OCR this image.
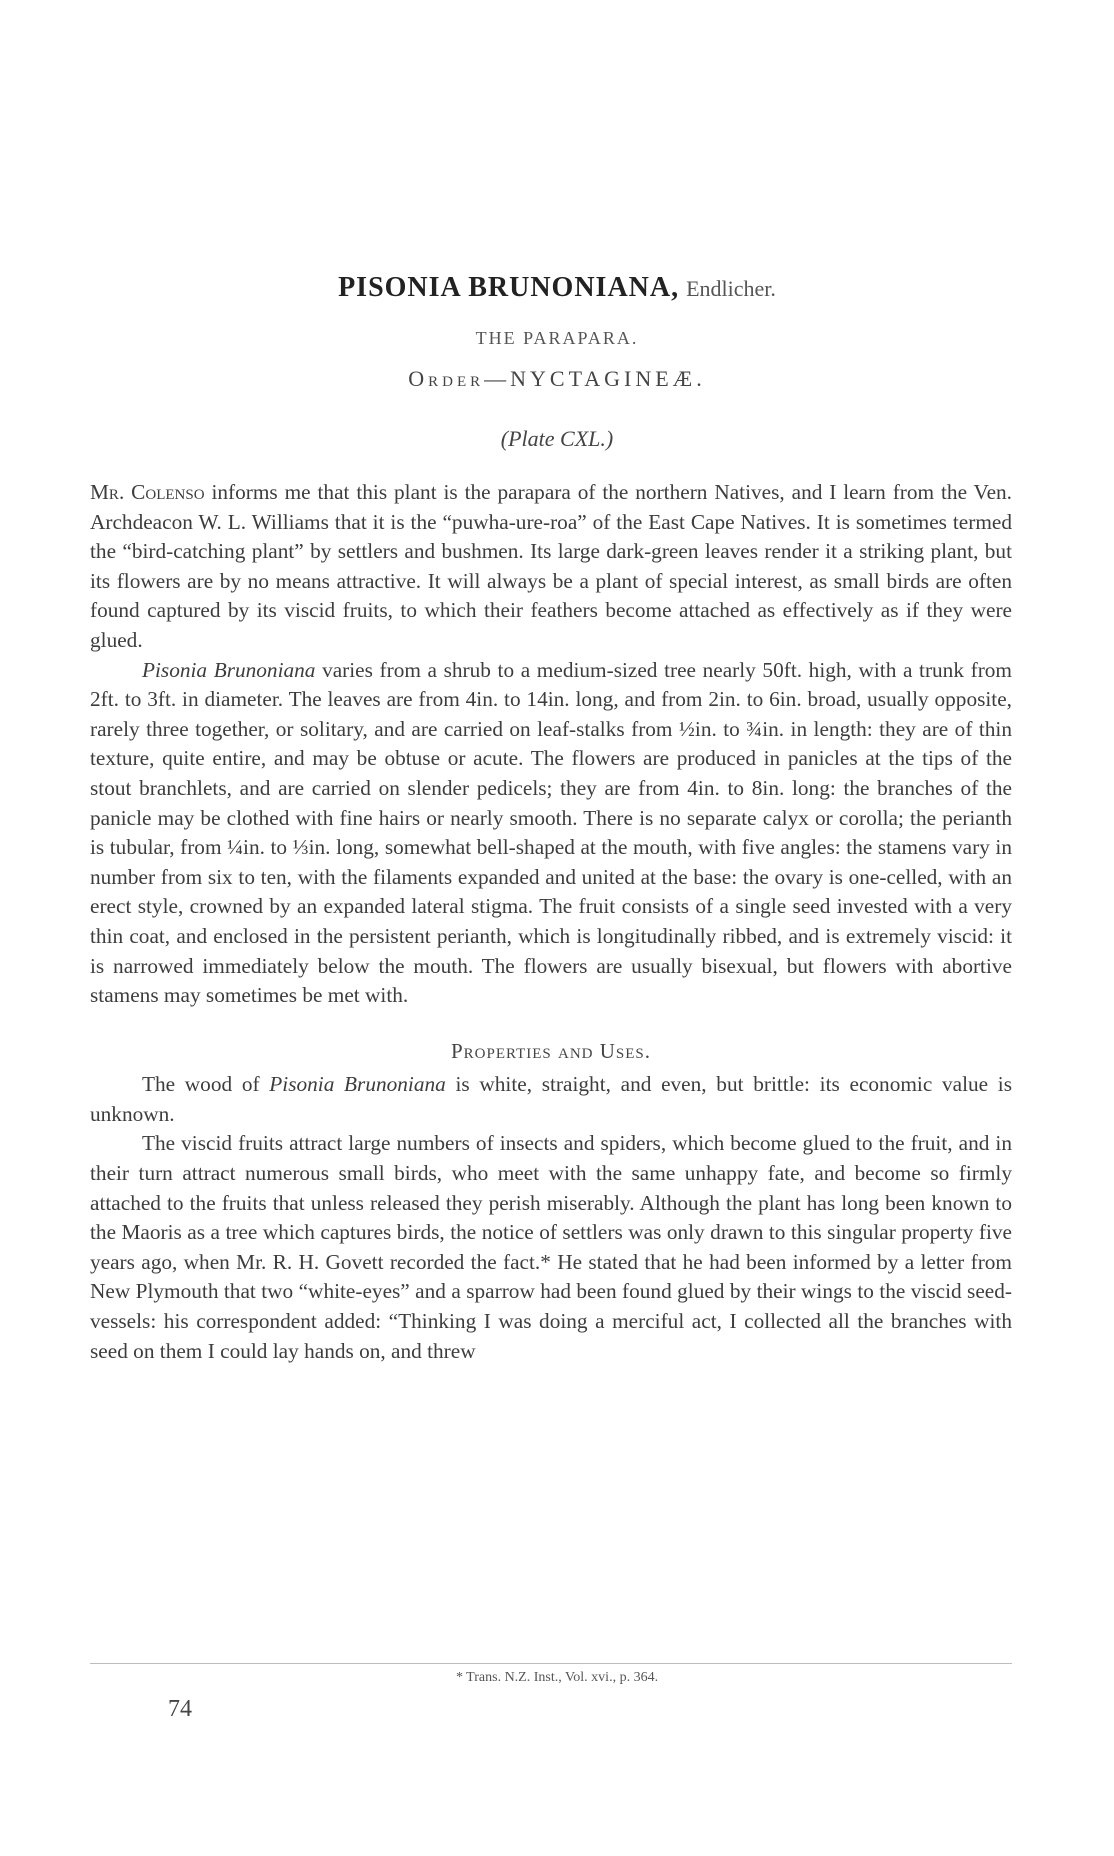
PISONIA BRUNONIANA, Endlicher.
THE PARAPARA.
Order—NYCTAGINEÆ.
(Plate CXL.)

Mr. Colenso informs me that this plant is the parapara of the northern Natives, and I learn from the Ven. Archdeacon W. L. Williams that it is the “puwha-ure-roa” of the East Cape Natives. It is sometimes termed the “bird-catching plant” by settlers and bushmen. Its large dark-green leaves render it a striking plant, but its flowers are by no means attractive. It will always be a plant of special interest, as small birds are often found captured by its viscid fruits, to which their feathers become attached as effectively as if they were glued.

Pisonia Brunoniana varies from a shrub to a medium-sized tree nearly 50ft. high, with a trunk from 2ft. to 3ft. in diameter. The leaves are from 4in. to 14in. long, and from 2in. to 6in. broad, usually opposite, rarely three together, or solitary, and are carried on leaf-stalks from ½in. to ¾in. in length: they are of thin texture, quite entire, and may be obtuse or acute. The flowers are produced in panicles at the tips of the stout branchlets, and are carried on slender pedicels; they are from 4in. to 8in. long: the branches of the panicle may be clothed with fine hairs or nearly smooth. There is no separate calyx or corolla; the perianth is tubular, from ¼in. to ⅓in. long, somewhat bell-shaped at the mouth, with five angles: the stamens vary in number from six to ten, with the filaments expanded and united at the base: the ovary is one-celled, with an erect style, crowned by an expanded lateral stigma. The fruit consists of a single seed invested with a very thin coat, and enclosed in the persistent perianth, which is longitudinally ribbed, and is extremely viscid: it is narrowed immediately below the mouth. The flowers are usually bisexual, but flowers with abortive stamens may sometimes be met with.

Properties and Uses.

The wood of Pisonia Brunoniana is white, straight, and even, but brittle: its economic value is unknown.

The viscid fruits attract large numbers of insects and spiders, which become glued to the fruit, and in their turn attract numerous small birds, who meet with the same unhappy fate, and become so firmly attached to the fruits that unless released they perish miserably. Although the plant has long been known to the Maoris as a tree which captures birds, the notice of settlers was only drawn to this singular property five years ago, when Mr. R. H. Govett recorded the fact.* He stated that he had been informed by a letter from New Plymouth that two “white-eyes” and a sparrow had been found glued by their wings to the viscid seed-vessels: his correspondent added: “Thinking I was doing a merciful act, I collected all the branches with seed on them I could lay hands on, and threw

* Trans. N.Z. Inst., Vol. xvi., p. 364.
74
